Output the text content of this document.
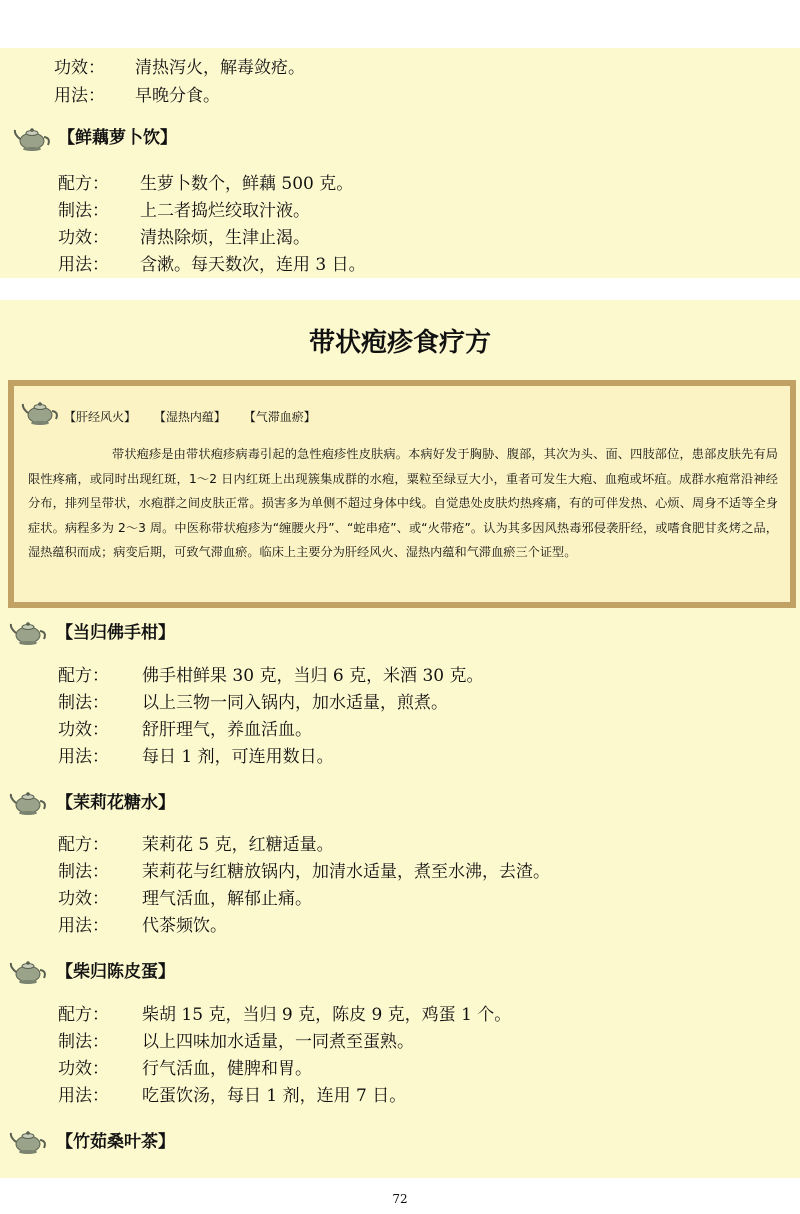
功效： 清热泻火，解毒敛疮。
用法： 早晚分食。
【鲜藕萝卜饮】
配方： 生萝卜数个，鲜藕 500 克。
制法： 上二者捣烂绞取汁液。
功效： 清热除烦，生津止渴。
用法： 含漱。每天数次，连用 3 日。
带状疱疹食疗方
【肝经风火】 【湿热内蕴】 【气滞血瘀】
带状疱疹是由带状疱疹病毒引起的急性疱疹性皮肤病。本病好发于胸胁、腹部，其次为头、面、四肢部位，患部皮肤先有局限性疼痛，或同时出现红斑，1～2 日内红斑上出现簇集成群的水疱，粟粒至绿豆大小，重者可发生大疱、血疱或坏疽。成群水疱常沿神经分布，排列呈带状，水疱群之间皮肤正常。损害多为单侧不超过身体中线。自觉患处皮肤灼热疼痛，有的可伴发热、心烦、周身不适等全身症状。病程多为 2～3 周。中医称带状疱疹为“缠腰火丹”、“蛇串疮”、或“火带疮”。认为其多因风热毒邪侵袭肝经，或嗜食肥甘炙烤之品，湿热蕴积而成；病变后期，可致气滞血瘀。临床上主要分为肝经风火、湿热内蕴和气滞血瘀三个证型。
【当归佛手柑】
配方： 佛手柑鲜果 30 克，当归 6 克，米酒 30 克。
制法： 以上三物一同入锅内，加水适量，煎煮。
功效： 舒肝理气，养血活血。
用法： 每日 1 剂，可连用数日。
【茉莉花糖水】
配方： 茉莉花 5 克，红糖适量。
制法： 茉莉花与红糖放锅内，加清水适量，煮至水沸，去渣。
功效： 理气活血，解郁止痛。
用法： 代茶频饮。
【柴归陈皮蛋】
配方： 柴胡 15 克，当归 9 克，陈皮 9 克，鸡蛋 1 个。
制法： 以上四味加水适量，一同煮至蛋熟。
功效： 行气活血，健脾和胃。
用法： 吃蛋饮汤，每日 1 剂，连用 7 日。
【竹茹桑叶茶】
72
